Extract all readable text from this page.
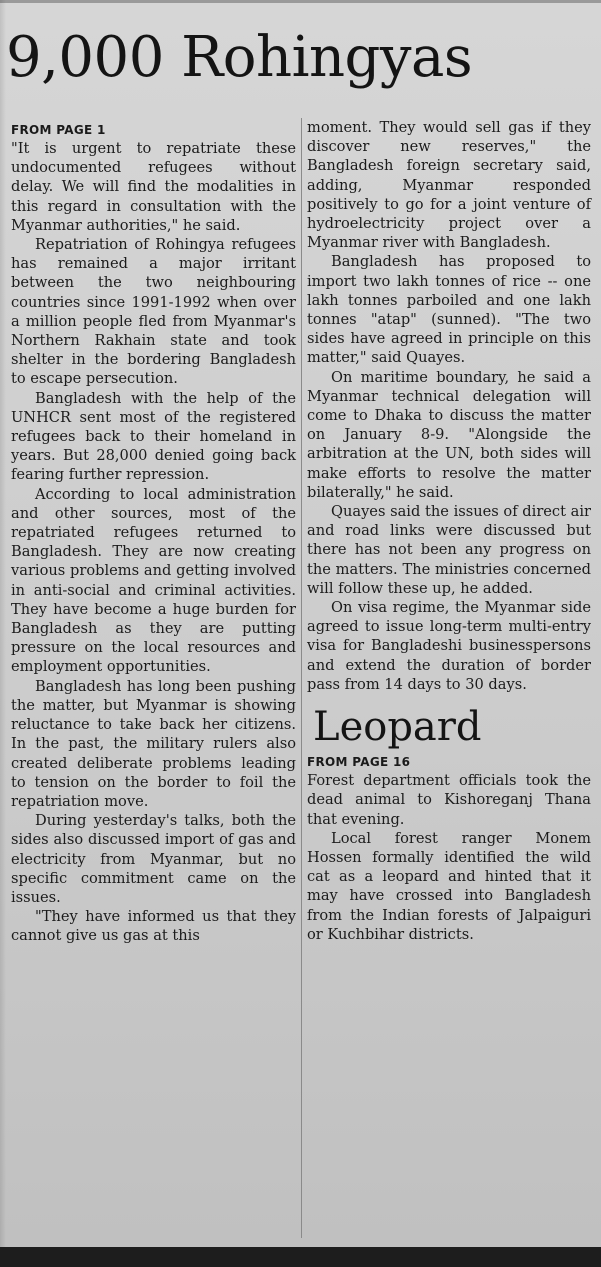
9,000 Rohingyas
FROM PAGE 1

"It is urgent to repatriate these undocumented refugees without delay. We will find the modalities in this regard in consultation with the Myanmar authorities," he said.

Repatriation of Rohingya refugees has remained a major irritant between the two neighbouring countries since 1991-1992 when over a million people fled from Myanmar's Northern Rakhain state and took shelter in the bordering Bangladesh to escape persecution.

Bangladesh with the help of the UNHCR sent most of the registered refugees back to their homeland in years. But 28,000 denied going back fearing further repression.

According to local administration and other sources, most of the repatriated refugees returned to Bangladesh. They are now creating various problems and getting involved in anti-social and criminal activities. They have become a huge burden for Bangladesh as they are putting pressure on the local resources and employment opportunities.

Bangladesh has long been pushing the matter, but Myanmar is showing reluctance to take back her citizens. In the past, the military rulers also created deliberate problems leading to tension on the border to foil the repatriation move.

During yesterday's talks, both the sides also discussed import of gas and electricity from Myanmar, but no specific commitment came on the issues.

"They have informed us that they cannot give us gas at this

moment. They would sell gas if they discover new reserves," the Bangladesh foreign secretary said, adding, Myanmar responded positively to go for a joint venture of hydroelectricity project over a Myanmar river with Bangladesh.

Bangladesh has proposed to import two lakh tonnes of rice -- one lakh tonnes parboiled and one lakh tonnes "atap" (sunned). "The two sides have agreed in principle on this matter," said Quayes.

On maritime boundary, he said a Myanmar technical delegation will come to Dhaka to discuss the matter on January 8-9. "Alongside the arbitration at the UN, both sides will make efforts to resolve the matter bilaterally," he said.

Quayes said the issues of direct air and road links were discussed but there has not been any progress on the matters. The ministries concerned will follow these up, he added.

On visa regime, the Myanmar side agreed to issue long-term multi-entry visa for Bangladeshi businesspersons and extend the duration of border pass from 14 days to 30 days.

Leopard
FROM PAGE 16

Forest department officials took the dead animal to Kishoreganj Thana that evening.

Local forest ranger Monem Hossen formally identified the wild cat as a leopard and hinted that it may have crossed into Bangladesh from the Indian forests of Jalpaiguri or Kuchbihar districts.
